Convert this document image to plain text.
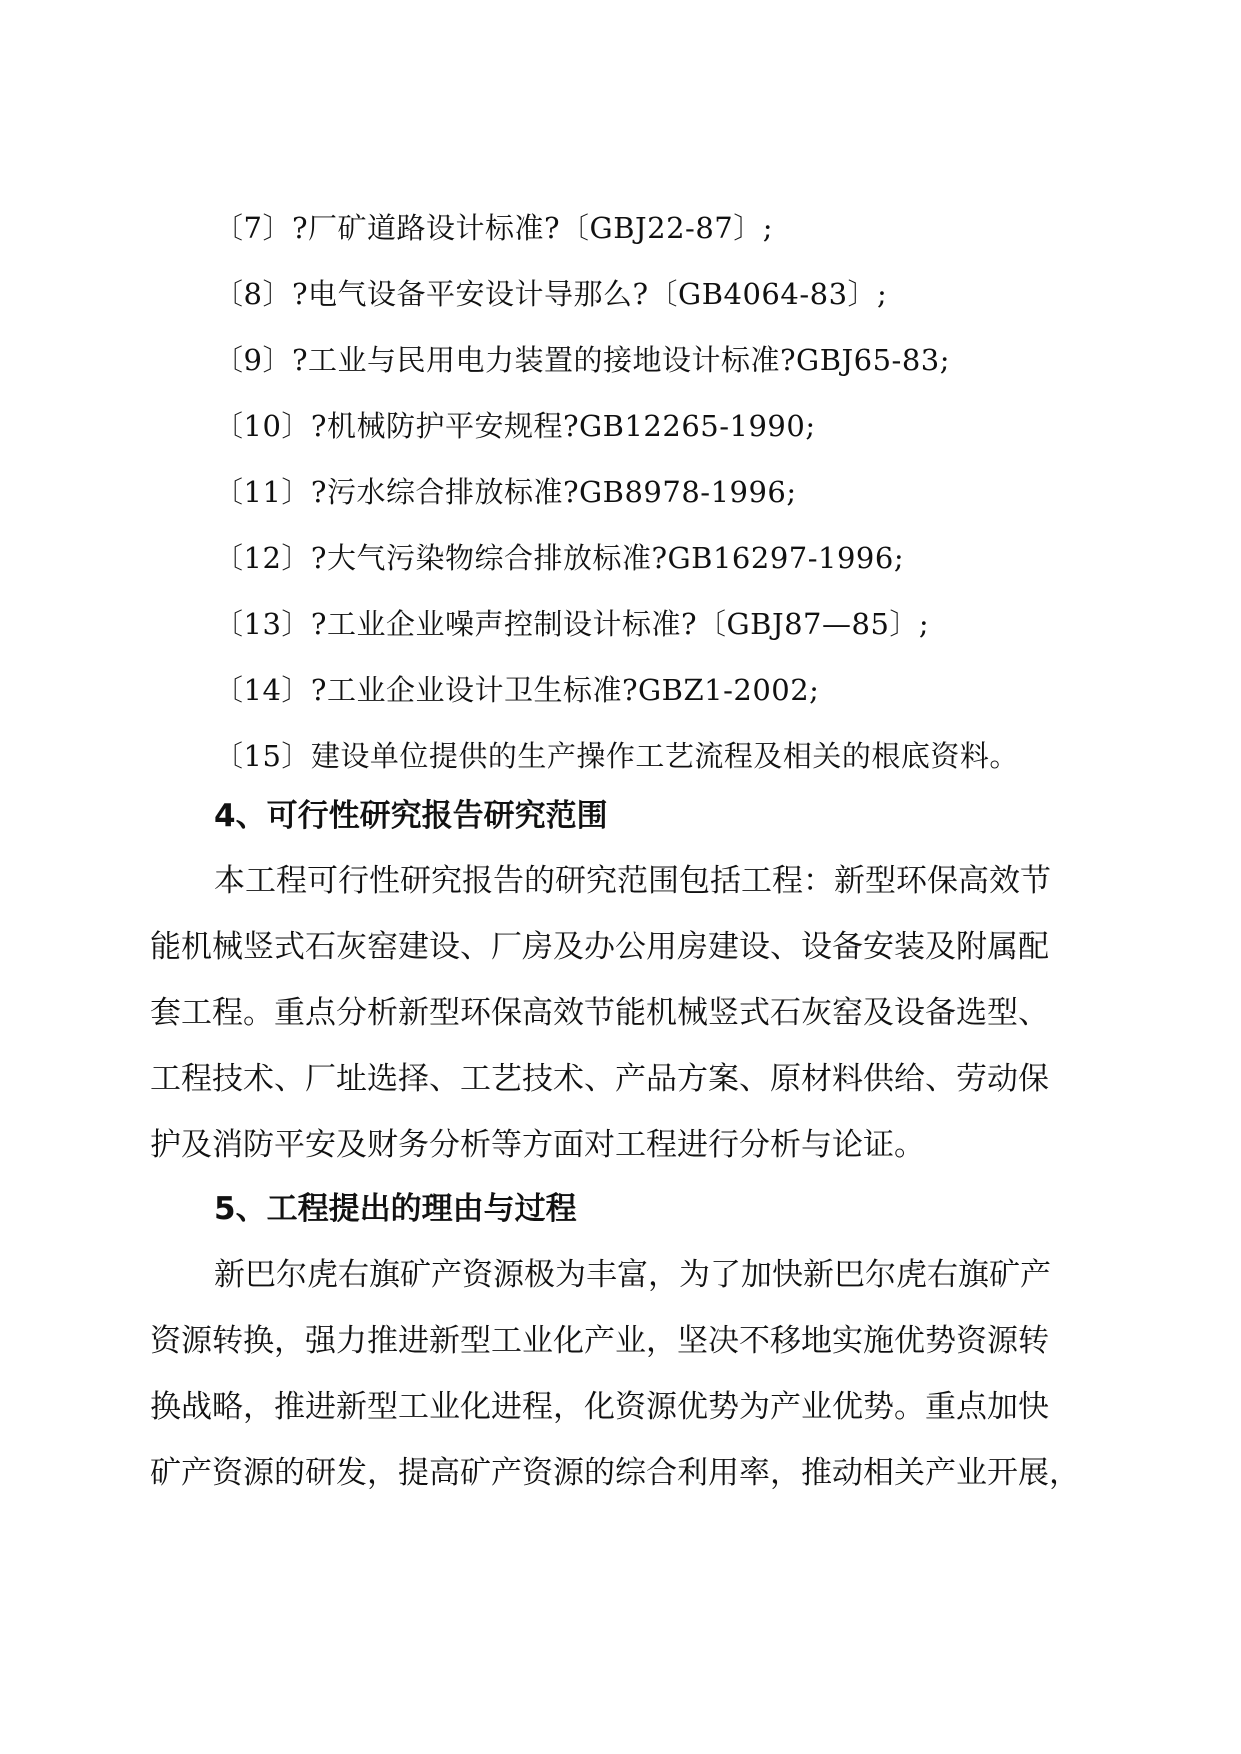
〔7〕?厂矿道路设计标准?〔GBJ22-87〕;
〔8〕?电气设备平安设计导那么?〔GB4064-83〕;
〔9〕?工业与民用电力装置的接地设计标准?GBJ65-83;
〔10〕?机械防护平安规程?GB12265-1990;
〔11〕?污水综合排放标准?GB8978-1996;
〔12〕?大气污染物综合排放标准?GB16297-1996;
〔13〕?工业企业噪声控制设计标准?〔GBJ87—85〕;
〔14〕?工业企业设计卫生标准?GBZ1-2002;
〔15〕建设单位提供的生产操作工艺流程及相关的根底资料。
4、可行性研究报告研究范围
本工程可行性研究报告的研究范围包括工程：新型环保高效节
能机械竖式石灰窑建设、厂房及办公用房建设、设备安装及附属配
套工程。重点分析新型环保高效节能机械竖式石灰窑及设备选型、
工程技术、厂址选择、工艺技术、产品方案、原材料供给、劳动保
护及消防平安及财务分析等方面对工程进行分析与论证。
5、工程提出的理由与过程
新巴尔虎右旗矿产资源极为丰富，为了加快新巴尔虎右旗矿产
资源转换，强力推进新型工业化产业，坚决不移地实施优势资源转
换战略，推进新型工业化进程，化资源优势为产业优势。重点加快
矿产资源的研发，提高矿产资源的综合利用率，推动相关产业开展，
